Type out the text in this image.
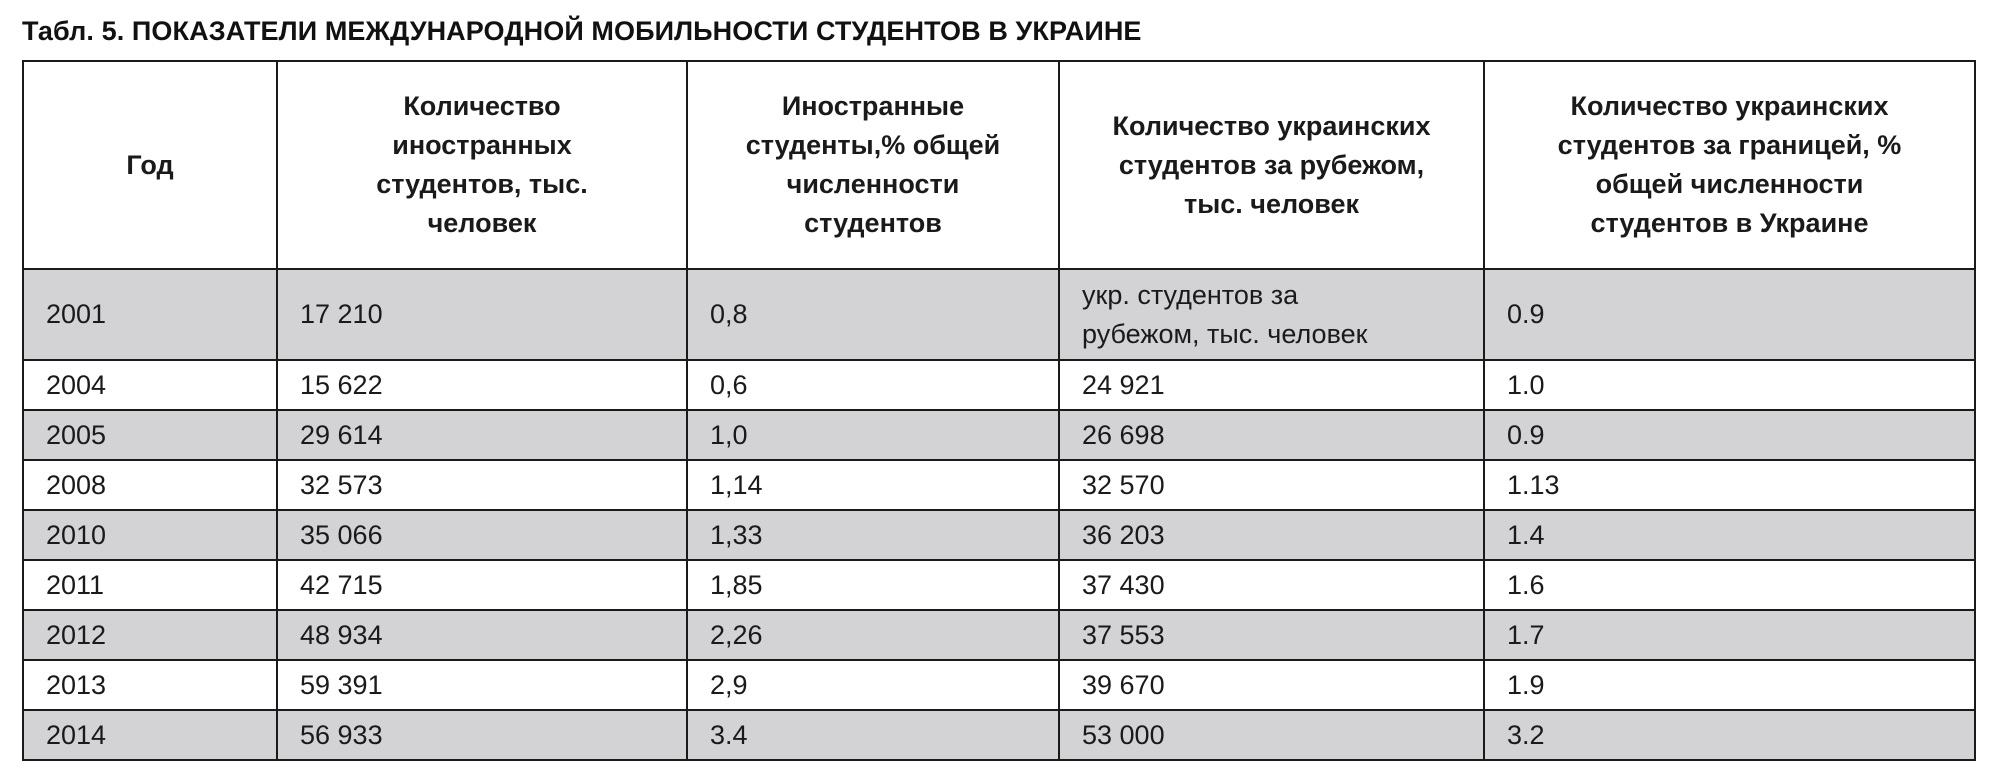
Табл. 5. ПОКАЗАТЕЛИ МЕЖДУНАРОДНОЙ МОБИЛЬНОСТИ СТУДЕНТОВ В УКРАИНЕ
Год	Количество иностранных студентов, тыс. человек	Иностранные студенты,% общей численности студентов	Количество украинских студентов за рубежом, тыс. человек	Количество украинских студентов за границей, % общей численности студентов в Украине
2001	17 210	0,8	укр. студентов за рубежом, тыс. человек	0.9
2004	15 622	0,6	24 921	1.0
2005	29 614	1,0	26 698	0.9
2008	32 573	1,14	32 570	1.13
2010	35 066	1,33	36 203	1.4
2011	42 715	1,85	37 430	1.6
2012	48 934	2,26	37 553	1.7
2013	59 391	2,9	39 670	1.9
2014	56 933	3.4	53 000	3.2
